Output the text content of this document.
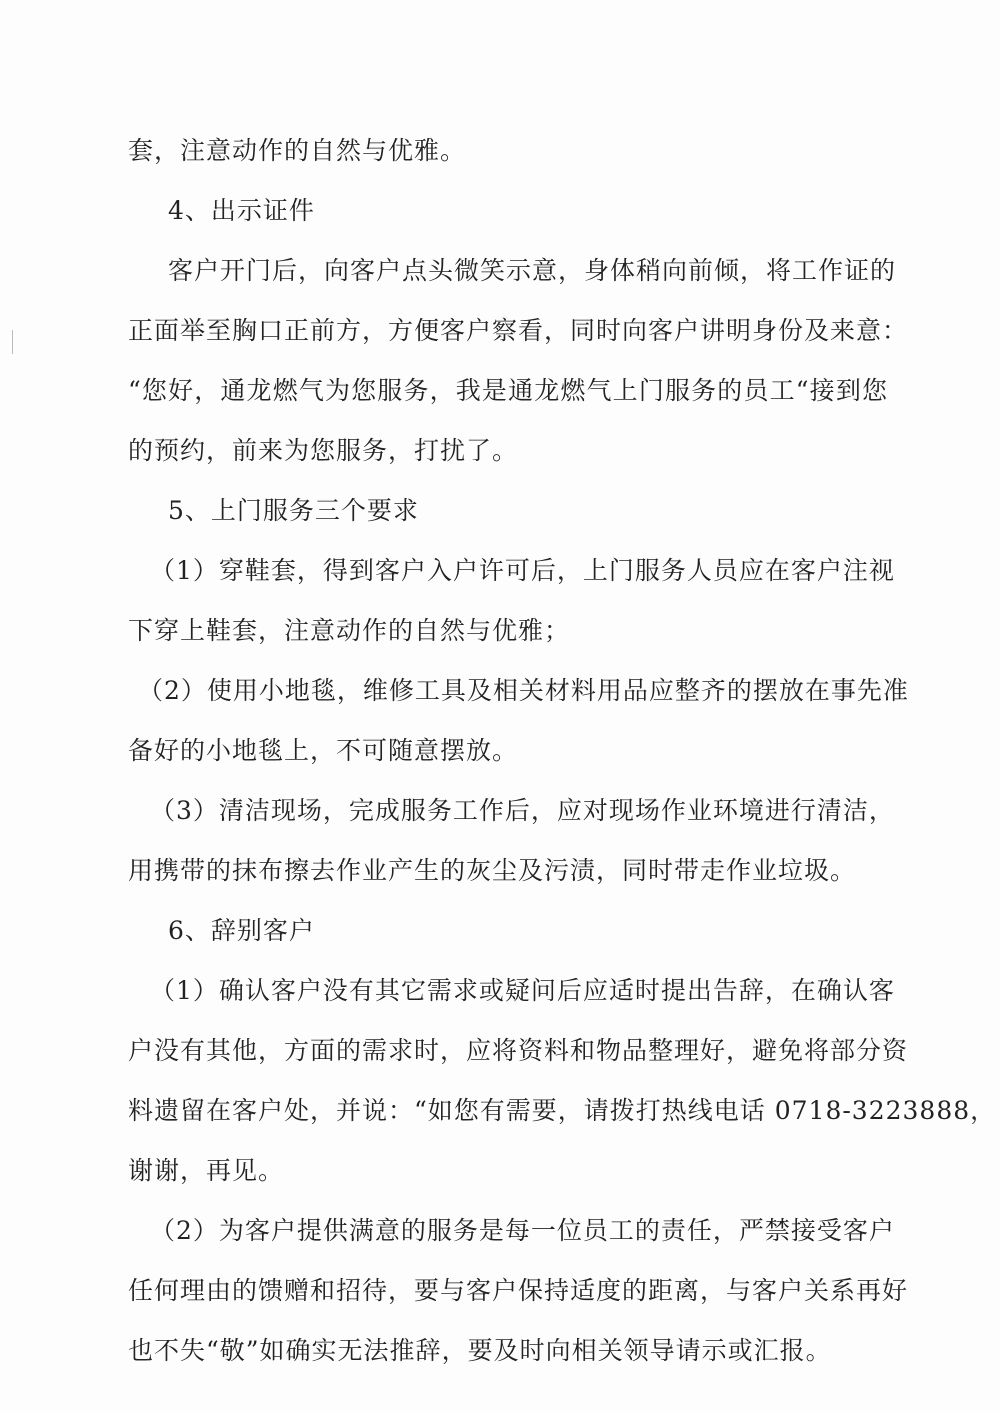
套，注意动作的自然与优雅。
4、出示证件
客户开门后，向客户点头微笑示意，身体稍向前倾，将工作证的
正面举至胸口正前方，方便客户察看，同时向客户讲明身份及来意：
“您好，通龙燃气为您服务，我是通龙燃气上门服务的员工“接到您
的预约，前来为您服务，打扰了。
5、上门服务三个要求
（1）穿鞋套，得到客户入户许可后，上门服务人员应在客户注视
下穿上鞋套，注意动作的自然与优雅；
（2）使用小地毯，维修工具及相关材料用品应整齐的摆放在事先准
备好的小地毯上，不可随意摆放。
（3）清洁现场，完成服务工作后，应对现场作业环境进行清洁，
用携带的抹布擦去作业产生的灰尘及污渍，同时带走作业垃圾。
6、辞别客户
（1）确认客户没有其它需求或疑问后应适时提出告辞，在确认客
户没有其他，方面的需求时，应将资料和物品整理好，避免将部分资
料遗留在客户处，并说：“如您有需要，请拨打热线电话 0718-3223888，
谢谢，再见。
（2）为客户提供满意的服务是每一位员工的责任，严禁接受客户
任何理由的馈赠和招待，要与客户保持适度的距离，与客户关系再好
也不失“敬”如确实无法推辞，要及时向相关领导请示或汇报。
